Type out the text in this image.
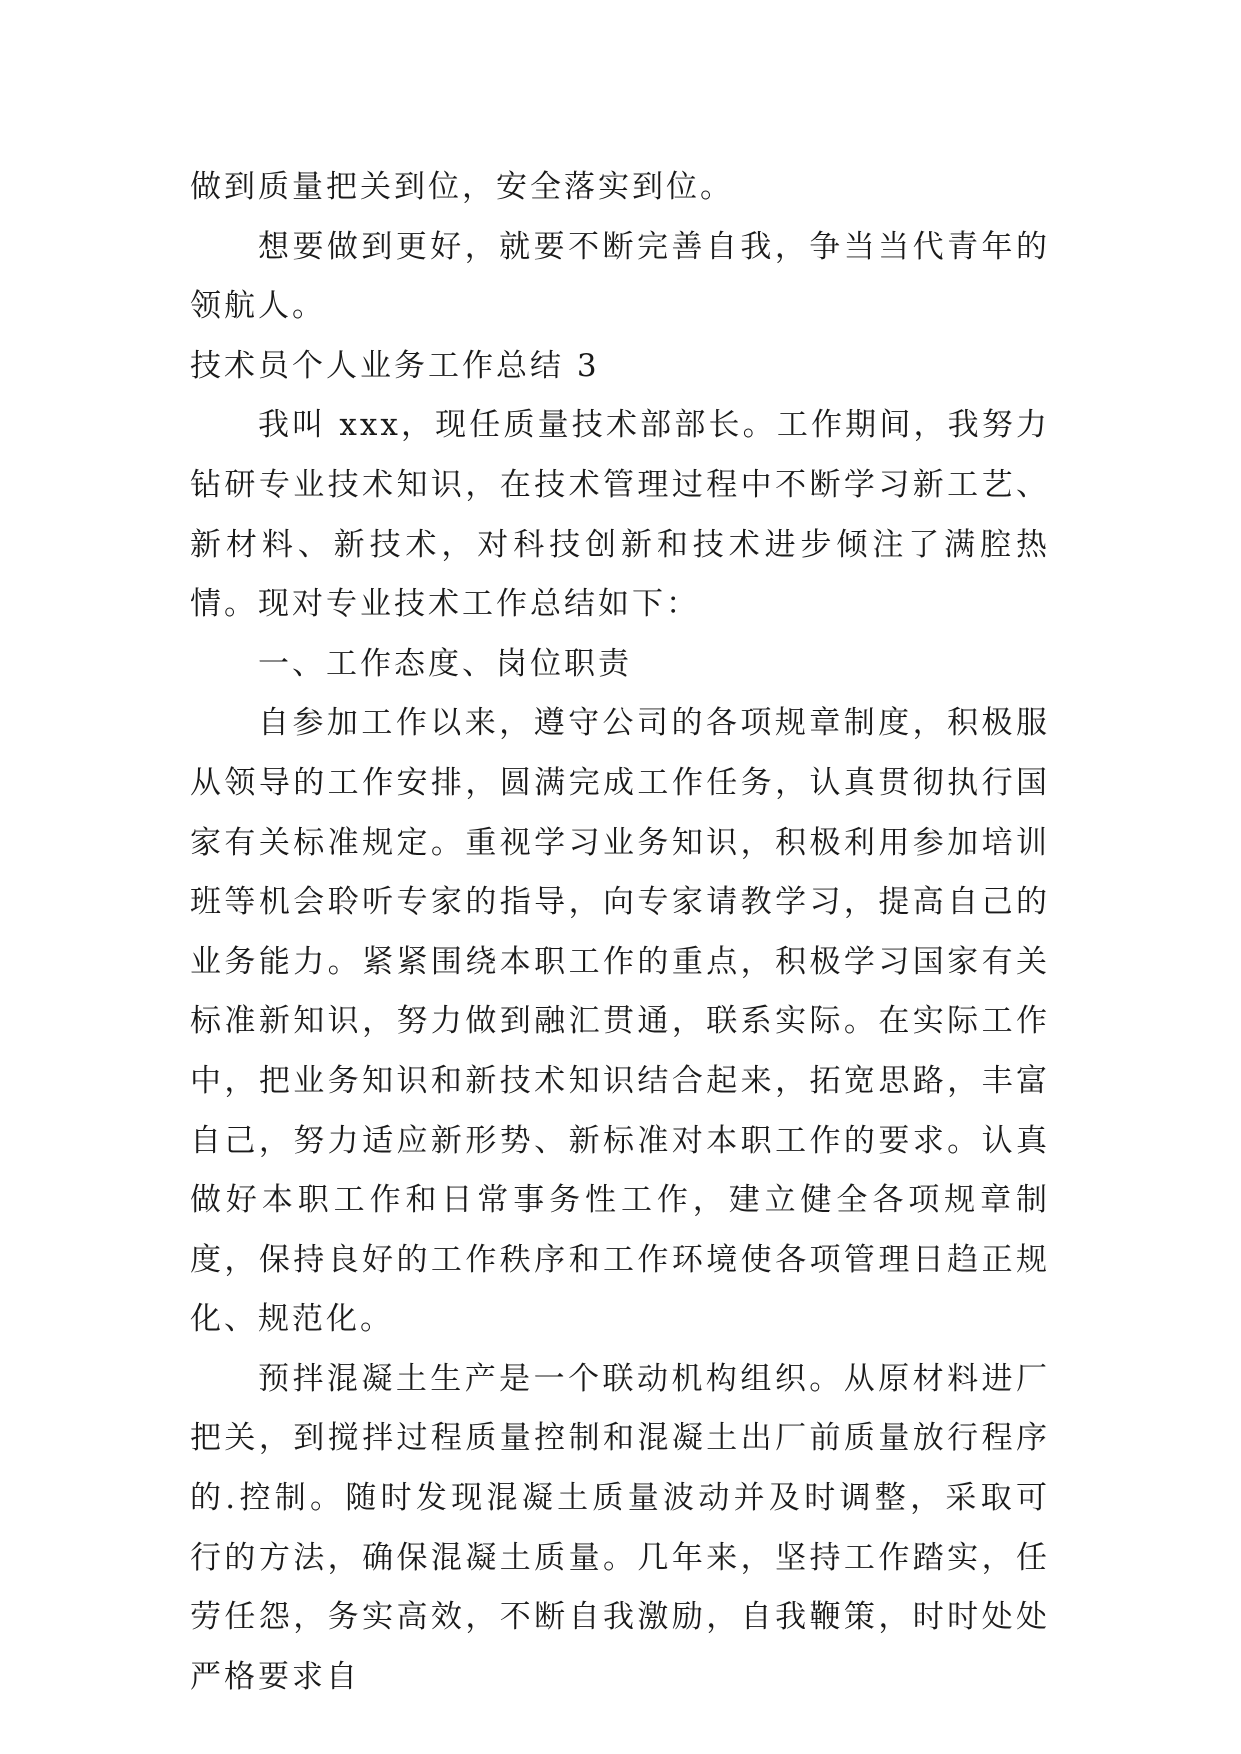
做到质量把关到位，安全落实到位。

想要做到更好，就要不断完善自我，争当当代青年的领航人。

技术员个人业务工作总结 3

我叫 xxx，现任质量技术部部长。工作期间，我努力钻研专业技术知识，在技术管理过程中不断学习新工艺、新材料、新技术，对科技创新和技术进步倾注了满腔热情。现对专业技术工作总结如下：

一、工作态度、岗位职责

自参加工作以来，遵守公司的各项规章制度，积极服从领导的工作安排，圆满完成工作任务，认真贯彻执行国家有关标准规定。重视学习业务知识，积极利用参加培训班等机会聆听专家的指导，向专家请教学习，提高自己的业务能力。紧紧围绕本职工作的重点，积极学习国家有关标准新知识，努力做到融汇贯通，联系实际。在实际工作中，把业务知识和新技术知识结合起来，拓宽思路，丰富自己，努力适应新形势、新标准对本职工作的要求。认真做好本职工作和日常事务性工作，建立健全各项规章制度，保持良好的工作秩序和工作环境使各项管理日趋正规化、规范化。

预拌混凝土生产是一个联动机构组织。从原材料进厂把关，到搅拌过程质量控制和混凝土出厂前质量放行程序的.控制。随时发现混凝土质量波动并及时调整，采取可行的方法，确保混凝土质量。几年来，坚持工作踏实，任劳任怨，务实高效，不断自我激励，自我鞭策，时时处处严格要求自
